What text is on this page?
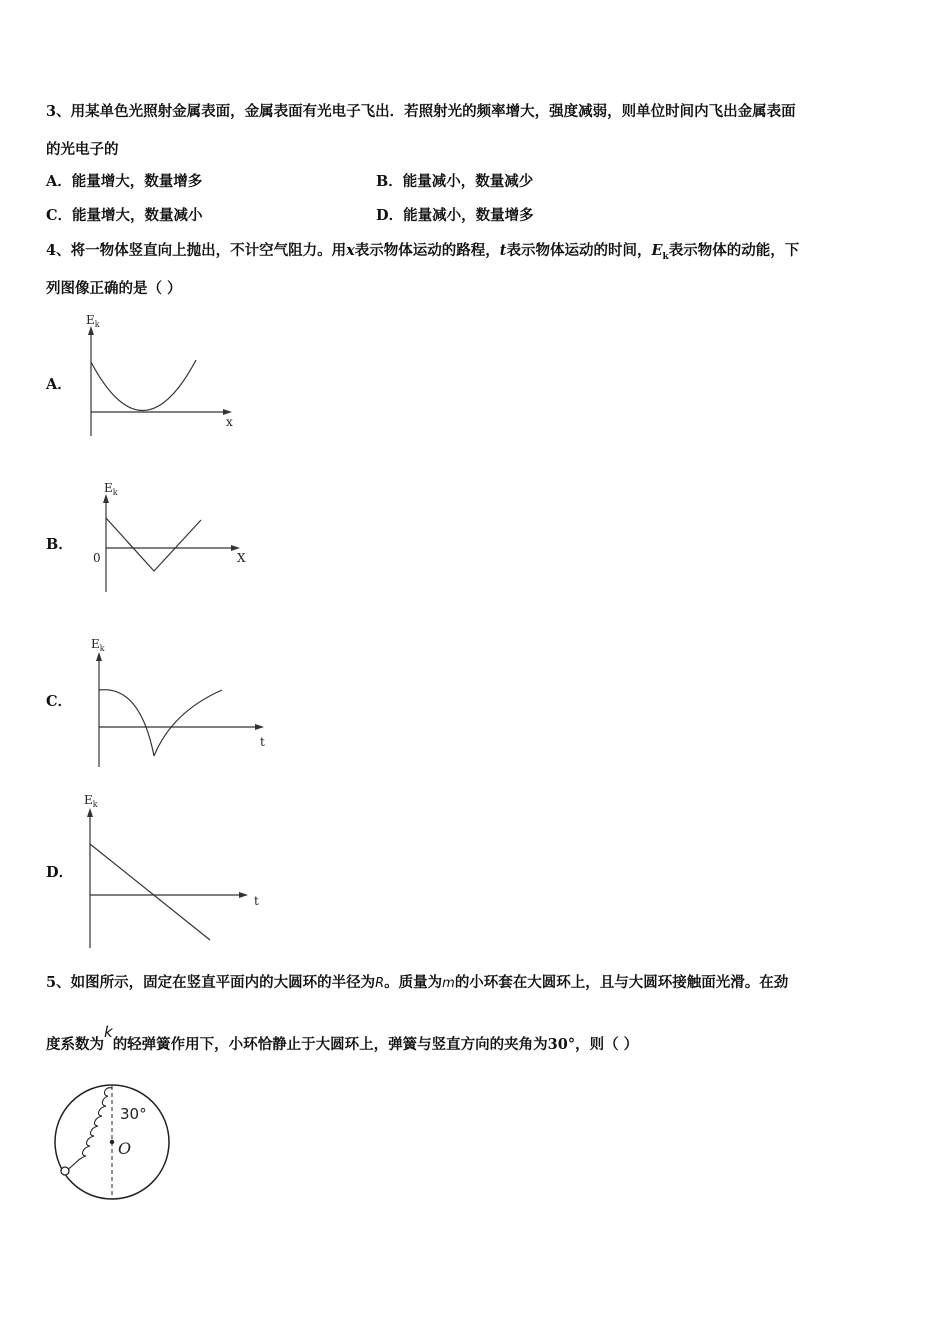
3、用某单色光照射金属表面，金属表面有光电子飞出．若照射光的频率增大，强度减弱，则单位时间内飞出金属表面
的光电子的
A．能量增大，数量增多	B．能量减小，数量减少
C．能量增大，数量减小	D．能量减小，数量增多
4、将一物体竖直向上抛出，不计空气阻力。用x表示物体运动的路程，t表示物体运动的时间，$E_k$表示物体的动能，下
列图像正确的是（ ）
A．
$E_k$
x
B．
$E_k$
X
0
C．
$E_k$
t
D．
$E_k$
t
5、如图所示，固定在竖直平面内的大圆环的半径为R。质量为m的小环套在大圆环上，且与大圆环接触面光滑。在劲
度系数为k的轻弹簧作用下，小环恰静止于大圆环上，弹簧与竖直方向的夹角为30°，则（ ）
O
30°
